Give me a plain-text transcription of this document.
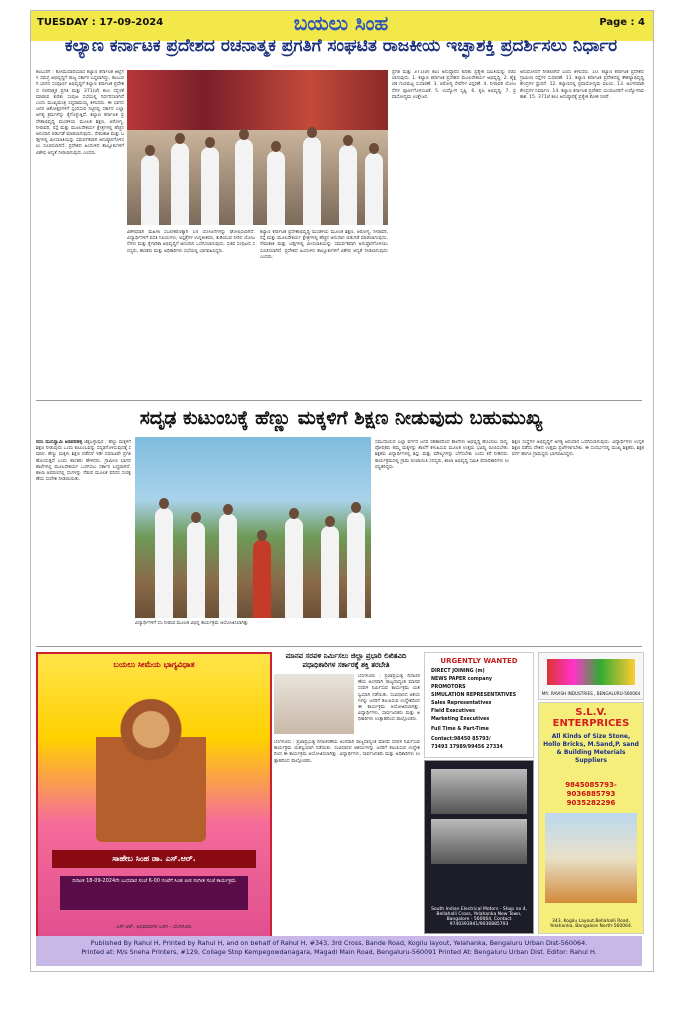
TUESDAY : 17-09-2024	ಬಯಲು ಸಿಂಹ	Page : 4
ಕಲ್ಯಾಣ ಕರ್ನಾಟಕ ಪ್ರದೇಶದ ರಚನಾತ್ಮಕ ಪ್ರಗತಿಗೆ ಸಂಘಟಿತ ರಾಜಕೀಯ ಇಚ್ಛಾಶಕ್ತಿ ಪ್ರದರ್ಶಿಸಲು ನಿರ್ಧಾರ
ಕಲಬುರಗಿ : ಕೋಮುವಾದಿಯಾದ ಕಲ್ಯಾಣ ಕರ್ನಾಟಕ ಜಿಲ್ಲೆಗಳ ಸಮಗ್ರ ಅಭಿವೃದ್ಧಿಗೆ ರಾಜ್ಯ ಸರ್ಕಾರ ಬದ್ಧವಾಗಿದ್ದು, ಕಲಬುರಗಿ ಭಾಗದ ಸಂಪೂರ್ಣ ಅಭಿವೃದ್ಧಿಗೆ ಕಲ್ಯಾಣ ಕರ್ನಾಟಕ ಪ್ರದೇಶದ ರಚನಾತ್ಮಕ ಪ್ರಗತಿ ಮತ್ತು 371(ಜೆ) ಕಲಂ ಸದ್ಬಳಕೆ ಮಾಡುವ ಕುರಿತು ಸಂಪುಟ ಸಭೆಯಲ್ಲಿ ನಿರ್ಧರಿಸಲಾಗಿದೆ ಎಂದು ಮುಖ್ಯಮಂತ್ರಿ ಸಿದ್ದರಾಮಯ್ಯ ತಿಳಿಸಿದರು. ಈ ಭಾಗದ ಜನರ ಆಶೋತ್ತರಗಳಿಗೆ ಸ್ಪಂದಿಸುವ ನಿಟ್ಟಿನಲ್ಲಿ ಸರ್ಕಾರ ಎಲ್ಲಾ ಅಗತ್ಯ ಕ್ರಮಗಳನ್ನು ಕೈಗೊಳ್ಳುತ್ತಿದೆ. ಕಲ್ಯಾಣ ಕರ್ನಾಟಕ ಪ್ರದೇಶಾಭಿವೃದ್ಧಿ ಮಂಡಳಿಯ ಮೂಲಕ ಶಿಕ್ಷಣ, ಆರೋಗ್ಯ, ನೀರಾವರಿ, ರಸ್ತೆ ಮತ್ತು ಮೂಲಸೌಕರ್ಯ ಕ್ಷೇತ್ರಗಳಲ್ಲಿ ಹೆಚ್ಚಿನ ಅನುದಾನ ಬಿಡುಗಡೆ ಮಾಡಲಾಗುವುದು. ನೇಮಕಾತಿ ಮತ್ತು ಬಡ್ತಿಗಳಲ್ಲಿ ಮೀಸಲಾತಿಯನ್ನು ಸಮರ್ಪಕವಾಗಿ ಅನುಷ್ಠಾನಗೊಳಿಸಲು ಸೂಚಿಸಲಾಗಿದೆ. ಪ್ರದೇಶದ ಹಿಂದುಳಿದ ತಾಲ್ಲೂಕುಗಳಿಗೆ ವಿಶೇಷ ಆದ್ಯತೆ ನೀಡಲಾಗುವುದು ಎಂದರು.
ವಿಶೇಷವಾಗಿ ಮಹಿಳಾ ಸಬಲೀಕರಣಕ್ಕಾಗಿ 14 ಯೋಜನೆಗಳನ್ನು ಘೋಷಿಸಲಾಗಿದೆ. ವಿದ್ಯಾರ್ಥಿಗಳಿಗೆ ವಸತಿ ನಿಲಯಗಳು, ಆಸ್ಪತ್ರೆಗಳ ಉನ್ನತೀಕರಣ, ಕುಡಿಯುವ ನೀರಿನ ಯೋಜನೆಗಳು ಮತ್ತು ಕೈಗಾರಿಕಾ ಅಭಿವೃದ್ಧಿಗೆ ಅನುದಾನ ಒದಗಿಸಲಾಗುವುದು. ಸಚಿವ ಸಂಪುಟದ ಸದಸ್ಯರು, ಶಾಸಕರು ಮತ್ತು ಅಧಿಕಾರಿಗಳು ಸಭೆಯಲ್ಲಿ ಭಾಗವಹಿಸಿದ್ದರು.
ಕಲ್ಯಾಣ ಕರ್ನಾಟಕ ಪ್ರದೇಶಾಭಿವೃದ್ಧಿ ಮಂಡಳಿಯ ಮೂಲಕ ಶಿಕ್ಷಣ, ಆರೋಗ್ಯ, ನೀರಾವರಿ, ರಸ್ತೆ ಮತ್ತು ಮೂಲಸೌಕರ್ಯ ಕ್ಷೇತ್ರಗಳಲ್ಲಿ ಹೆಚ್ಚಿನ ಅನುದಾನ ಬಿಡುಗಡೆ ಮಾಡಲಾಗುವುದು. ನೇಮಕಾತಿ ಮತ್ತು ಬಡ್ತಿಗಳಲ್ಲಿ ಮೀಸಲಾತಿಯನ್ನು ಸಮರ್ಪಕವಾಗಿ ಅನುಷ್ಠಾನಗೊಳಿಸಲು ಸೂಚಿಸಲಾಗಿದೆ. ಪ್ರದೇಶದ ಹಿಂದುಳಿದ ತಾಲ್ಲೂಕುಗಳಿಗೆ ವಿಶೇಷ ಆದ್ಯತೆ ನೀಡಲಾಗುವುದು ಎಂದರು.
ಪ್ರಗತಿ ಮತ್ತು 371(ಜೆ) ಕಲಂ ಅನುಷ್ಠಾನದ ಕುರಿತು ಪ್ರತ್ಯೇಕ ಸಮಿತಿಯನ್ನು ರಚಿಸಲಾಗುವುದು. 1. ಕಲ್ಯಾಣ ಕರ್ನಾಟಕ ಪ್ರದೇಶದ ಮೂಲಸೌಕರ್ಯ ಅಭಿವೃದ್ಧಿ. 2. ಶೈಕ್ಷಣಿಕ ಗುಣಮಟ್ಟ ಸುಧಾರಣೆ. 3. ಆರೋಗ್ಯ ಸೇವೆಗಳ ವಿಸ್ತರಣೆ. 4. ನೀರಾವರಿ ಯೋಜನೆಗಳ ಪೂರ್ಣಗೊಳಿಸುವಿಕೆ. 5. ಉದ್ಯೋಗ ಸೃಷ್ಟಿ. 6. ಕೃಷಿ ಅಭಿವೃದ್ಧಿ. 7. ಪ್ರವಾಸೋದ್ಯಮ ಉತ್ತೇಜನ.
ಅನುಮೋದನೆ ನೀಡಲಾಗಿದೆ ಎಂದು ತಿಳಿಸಿದರು. 10. ಕಲ್ಯಾಣ ಕರ್ನಾಟಕ ಪ್ರದೇಶದ ಗ್ರಾಮೀಣ ರಸ್ತೆಗಳ ಸುಧಾರಣೆ. 11. ಕಲ್ಯಾಣ ಕರ್ನಾಟಕ ಪ್ರದೇಶದಲ್ಲಿ ಕೌಶಲ್ಯಾಭಿವೃದ್ಧಿ ಕೇಂದ್ರಗಳ ಸ್ಥಾಪನೆ. 12. ಕಲ್ಯಾಣದಲ್ಲಿ ಪ್ರವಾಸೋದ್ಯಮ ವಲಯ. 13. ಅಂಗನವಾಡಿ ಕೇಂದ್ರಗಳ ನಿರ್ಮಾಣ. 14. ಕಲ್ಯಾಣ ಕರ್ನಾಟಕ ಪ್ರದೇಶದ ಯುವಜನರಿಗೆ ಉದ್ಯೋಗಾವಕಾಶ. 15. 371ಜೆ ಕಲಂ ಅನುಷ್ಠಾನಕ್ಕೆ ಪ್ರತ್ಯೇಕ ಕೋಶ ರಚನೆ.
ಸದೃಢ ಕುಟುಂಬಕ್ಕೆ ಹೆಣ್ಣು ಮಕ್ಕಳಿಗೆ ಶಿಕ್ಷಣ ನೀಡುವುದು ಬಹುಮುಖ್ಯ
ನರಸಿ ಮುನಿಸ್ವಾಮಿ ಅಡಪನಹಳ್ಳಿ ಚಿಕ್ಕಬಳ್ಳಾಪುರ : ಹೆಣ್ಣು ಮಕ್ಕಳಿಗೆ ಶಿಕ್ಷಣ ನೀಡುವುದು ಒಂದು ಕುಟುಂಬವನ್ನು ಸದೃಢಗೊಳಿಸುವುದಕ್ಕೆ ಸಮಾನ. ಹೆಣ್ಣು ಮಕ್ಕಳು ಶಿಕ್ಷಣ ಪಡೆದರೆ ಇಡೀ ಸಮಾಜವೇ ಪ್ರಗತಿ ಹೊಂದುತ್ತದೆ ಎಂದು ಶಾಸಕರು ಹೇಳಿದರು. ಗ್ರಾಮೀಣ ಭಾಗದ ಶಾಲೆಗಳಲ್ಲಿ ಮೂಲಸೌಕರ್ಯ ಒದಗಿಸಲು ಸರ್ಕಾರ ಬದ್ಧವಾಗಿದೆ. ಶಾಲಾ ಆವರಣದಲ್ಲಿ ಸಸಿಗಳನ್ನು ನೆಡುವ ಮೂಲಕ ಪರಿಸರ ಸಂರಕ್ಷಣೆಯ ಸಂದೇಶ ನೀಡಲಾಯಿತು.
ವಿದ್ಯಾರ್ಥಿಗಳಿಗೆ ಸಸಿ ನೀಡುವ ಮೂಲಕ ವಿಭಿನ್ನ ಕಾರ್ಯಕ್ರಮ ಆಯೋಜಿಸಲಾಗಿತ್ತು
ಸಮುದಾಯದ ಎಲ್ಲಾ ವರ್ಗದ ಜನರ ಸಹಕಾರದಿಂದ ಶಾಲೆಗಳು ಅಭಿವೃದ್ಧಿ ಹೊಂದಲು ಸಾಧ್ಯ. ಪೋಷಕರು ತಮ್ಮ ಮಕ್ಕಳನ್ನು ಶಾಲೆಗೆ ಕಳುಹಿಸುವ ಮೂಲಕ ಉತ್ತಮ ಭವಿಷ್ಯ ರೂಪಿಸಬೇಕು. ಶಿಕ್ಷಕರು ವಿದ್ಯಾರ್ಥಿಗಳಲ್ಲಿ ಶಿಸ್ತು ಮತ್ತು ಮೌಲ್ಯಗಳನ್ನು ಬೆಳೆಸಬೇಕು ಎಂದು ಕರೆ ನೀಡಿದರು. ಕಾರ್ಯಕ್ರಮದಲ್ಲಿ ಗ್ರಾಮ ಪಂಚಾಯಿತಿ ಸದಸ್ಯರು, ಶಾಲಾ ಅಭಿವೃದ್ಧಿ ಸಮಿತಿ ಪದಾಧಿಕಾರಿಗಳು ಉಪಸ್ಥಿತರಿದ್ದರು.
ಶಿಕ್ಷಣ ಸಂಸ್ಥೆಗಳ ಅಭಿವೃದ್ಧಿಗೆ ಅಗತ್ಯ ಅನುದಾನ ಒದಗಿಸಲಾಗುವುದು. ವಿದ್ಯಾರ್ಥಿಗಳು ಉನ್ನತ ಶಿಕ್ಷಣ ಪಡೆದು ದೇಶದ ಉತ್ತಮ ಪ್ರಜೆಗಳಾಗಬೇಕು. ಈ ಸಂದರ್ಭದಲ್ಲಿ ಮುಖ್ಯ ಶಿಕ್ಷಕರು, ಶಿಕ್ಷಕ ವರ್ಗ ಹಾಗೂ ಗ್ರಾಮಸ್ಥರು ಭಾಗವಹಿಸಿದ್ದರು.
ಬಯಲು ಸೀಮೆಯ ಭಾಗ್ಯವಿಧಾತ
ಸಾಹೇಬ ಸಿಂಹ ಡಾ. ಎಸ್.ಆರ್.
ದಿನಾಂಕ 18-09-2024ನೇ ಬುಧವಾರ ಸಂಜೆ 6-00 ಗಂಟೆಗೆ ಸಿಂಹ ಪೀಠ ಸಂಗೀತ ಸಂಜೆ ಕಾರ್ಯಕ್ರಮ
ಎಸ್.ಆರ್. ಅಭಿಮಾನಿಗಳ ಬಳಗ - ಬೆಂಗಳೂರು
ಮಾನವ ಸರಪಳಿ ನಿರ್ಮಿಸಲು ಜಿಲ್ಲಾ ಪ್ರಭಾರಿ ಲಿಖಿತವಿದಿ ಪಧಾಧಿಕಾರಿಗಳ ಸರ್ಕಾರಕ್ಕೆ ಶಕ್ತಿ ತರಬೇತಿ
ಬೆಂಗಳೂರು : ಪ್ರಜಾಪ್ರಭುತ್ವ ದಿನಾಚರಣೆಯ ಅಂಗವಾಗಿ ರಾಜ್ಯದಾದ್ಯಂತ ಮಾನವ ಸರಪಳಿ ನಿರ್ಮಿಸುವ ಕಾರ್ಯಕ್ರಮ ಯಶಸ್ವಿಯಾಗಿ ನಡೆಯಿತು. ಸಂವಿಧಾನದ ಆಶಯಗಳನ್ನು ಜನರಿಗೆ ತಲುಪಿಸುವ ಉದ್ದೇಶದಿಂದ ಈ ಕಾರ್ಯಕ್ರಮ ಆಯೋಜಿಸಲಾಗಿತ್ತು. ವಿದ್ಯಾರ್ಥಿಗಳು, ಸಾರ್ವಜನಿಕರು ಮತ್ತು ಅಧಿಕಾರಿಗಳು ಉತ್ಸಾಹದಿಂದ ಪಾಲ್ಗೊಂಡರು.
ಬೆಂಗಳೂರು : ಪ್ರಜಾಪ್ರಭುತ್ವ ದಿನಾಚರಣೆಯ ಅಂಗವಾಗಿ ರಾಜ್ಯದಾದ್ಯಂತ ಮಾನವ ಸರಪಳಿ ನಿರ್ಮಿಸುವ ಕಾರ್ಯಕ್ರಮ ಯಶಸ್ವಿಯಾಗಿ ನಡೆಯಿತು. ಸಂವಿಧಾನದ ಆಶಯಗಳನ್ನು ಜನರಿಗೆ ತಲುಪಿಸುವ ಉದ್ದೇಶದಿಂದ ಈ ಕಾರ್ಯಕ್ರಮ ಆಯೋಜಿಸಲಾಗಿತ್ತು. ವಿದ್ಯಾರ್ಥಿಗಳು, ಸಾರ್ವಜನಿಕರು ಮತ್ತು ಅಧಿಕಾರಿಗಳು ಉತ್ಸಾಹದಿಂದ ಪಾಲ್ಗೊಂಡರು.
URGENTLY WANTED
DIRECT JOINING (m)
NEWS PAPER company
PROMOTORS
SIMULATION REPRESENTATIVES
Sales Representatives
Field Executives
Marketing Executives
Full Time & Part-Time
Contact:98450 85793/
73493 37989/99456 27334
South Indian Electrical Motors - Shop no 4, Bellahalli Cross, Yelahanka New Town, Bangalore - 560064, Contact 9740393941/9036885793
Mfr. RAVISH INDUSTRIES , BENGALURU-560064
S.L.V. ENTERPRICES
All Kinds of Size Stone, Hollo Bricks, M.Sand,P. sand & Building Meterials Suppliers
9845085793-9036885793 9035282296
343, Kogilu Layout,Bellahalli Road, Yelahanka, Bangalore North-560064.
Published By Rahul H, Printed by Rahul H, and on behalf of Rahul H, #343, 3rd Cross, Bande Road, Kogilu layout, Yelahanka, Bengaluru Urban Dist-560064.
Printed at: M/s Sneha Printers, #129, Collage Stop Kempegowdanagara, Magadi Main Road, Bengaluru-560091 Printed At: Bengaluru Urban Dist. Editor: Rahul H.
